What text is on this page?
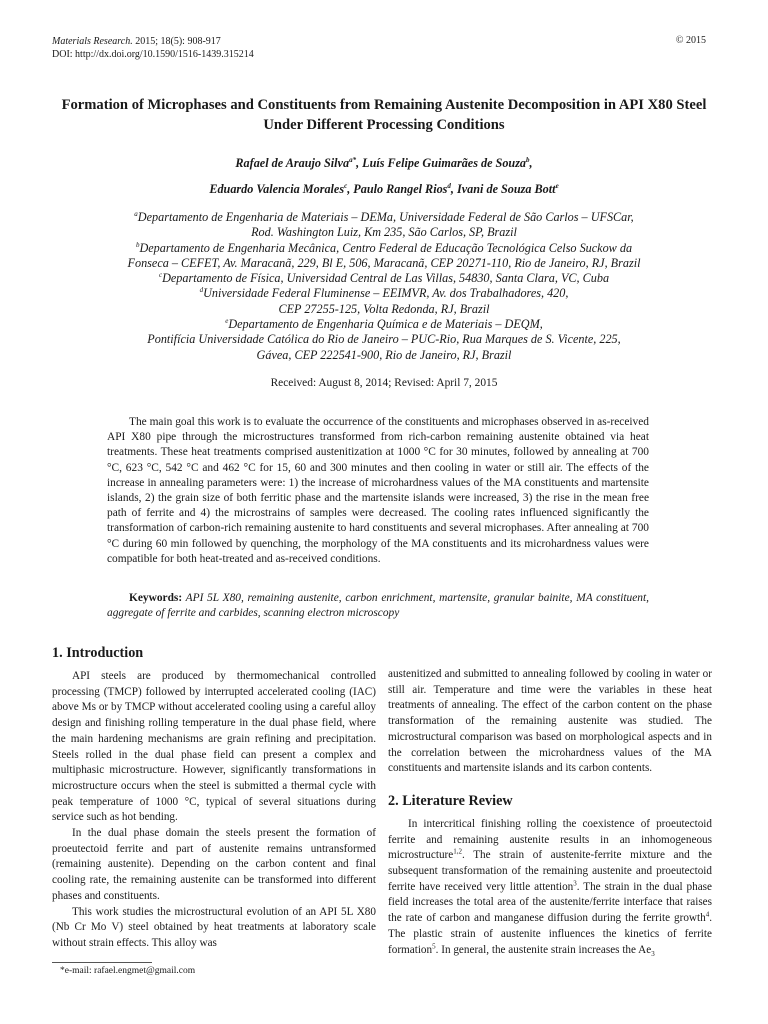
Materials Research. 2015; 18(5): 908-917
DOI: http://dx.doi.org/10.1590/1516-1439.315214
© 2015
Formation of Microphases and Constituents from Remaining Austenite Decomposition in API X80 Steel Under Different Processing Conditions
Rafael de Araujo Silva$^{a*}$, Luís Felipe Guimarães de Souza$^b$,
Eduardo Valencia Morales$^c$, Paulo Rangel Rios$^d$, Ivani de Souza Bott$^e$
$^a$Departamento de Engenharia de Materiais – DEMa, Universidade Federal de São Carlos – UFSCar,
Rod. Washington Luiz, Km 235, São Carlos, SP, Brazil
$^b$Departamento de Engenharia Mecânica, Centro Federal de Educação Tecnológica Celso Suckow da
Fonseca – CEFET, Av. Maracanã, 229, Bl E, 506, Maracanã, CEP 20271-110, Rio de Janeiro, RJ, Brazil
$^c$Departamento de Física, Universidad Central de Las Villas, 54830, Santa Clara, VC, Cuba
$^d$Universidade Federal Fluminense – EEIMVR, Av. dos Trabalhadores, 420,
CEP 27255-125, Volta Redonda, RJ, Brazil
$^e$Departamento de Engenharia Química e de Materiais – DEQM,
Pontifícia Universidade Católica do Rio de Janeiro – PUC-Rio, Rua Marques de S. Vicente, 225,
Gávea, CEP 222541-900, Rio de Janeiro, RJ, Brazil
Received: August 8, 2014; Revised: April 7, 2015

The main goal this work is to evaluate the occurrence of the constituents and microphases observed in as-received API X80 pipe through the microstructures transformed from rich-carbon remaining austenite obtained via heat treatments. These heat treatments comprised austenitization at 1000 °C for 30 minutes, followed by annealing at 700 °C, 623 °C, 542 °C and 462 °C for 15, 60 and 300 minutes and then cooling in water or still air. The effects of the increase in annealing parameters were: 1) the increase of microhardness values of the MA constituents and martensite islands, 2) the grain size of both ferritic phase and the martensite islands were increased, 3) the rise in the mean free path of ferrite and 4) the microstrains of samples were decreased. The cooling rates influenced significantly the transformation of carbon-rich remaining austenite to hard constituents and several microphases. After annealing at 700 °C during 60 min followed by quenching, the morphology of the MA constituents and its microhardness values were compatible for both heat-treated and as-received conditions.

Keywords: API 5L X80, remaining austenite, carbon enrichment, martensite, granular bainite, MA constituent, aggregate of ferrite and carbides, scanning electron microscopy

1. Introduction

API steels are produced by thermomechanical controlled processing (TMCP) followed by interrupted accelerated cooling (IAC) above Ms or by TMCP without accelerated cooling using a careful alloy design and finishing rolling temperature in the dual phase field, where the main hardening mechanisms are grain refining and precipitation. Steels rolled in the dual phase field can present a complex and multiphasic microstructure. However, significantly transformations in microstructure occurs when the steel is submitted a thermal cycle with peak temperature of 1000 °C, typical of several situations during service such as hot bending.

In the dual phase domain the steels present the formation of proeutectoid ferrite and part of austenite remains untransformed (remaining austenite). Depending on the carbon content and final cooling rate, the remaining austenite can be transformed into different phases and constituents.

This work studies the microstructural evolution of an API 5L X80 (Nb Cr Mo V) steel obtained by heat treatments at laboratory scale without strain effects. This alloy was

austenitized and submitted to annealing followed by cooling in water or still air. Temperature and time were the variables in these heat treatments of annealing. The effect of the carbon content on the phase transformation of the remaining austenite was studied. The microstructural comparison was based on morphological aspects and in the correlation between the microhardness values of the MA constituents and martensite islands and its carbon contents.

2. Literature Review

In intercritical finishing rolling the coexistence of proeutectoid ferrite and remaining austenite results in an inhomogeneous microstructure$^{1,2}$. The strain of austenite-ferrite mixture and the subsequent transformation of the remaining austenite and proeutectoid ferrite have received very little attention$^3$. The strain in the dual phase field increases the total area of the austenite/ferrite interface that raises the rate of carbon and manganese diffusion during the ferrite growth$^4$. The plastic strain of austenite influences the kinetics of ferrite formation$^5$. In general, the austenite strain increases the $Ae_3$

*e-mail: rafael.engmet@gmail.com
